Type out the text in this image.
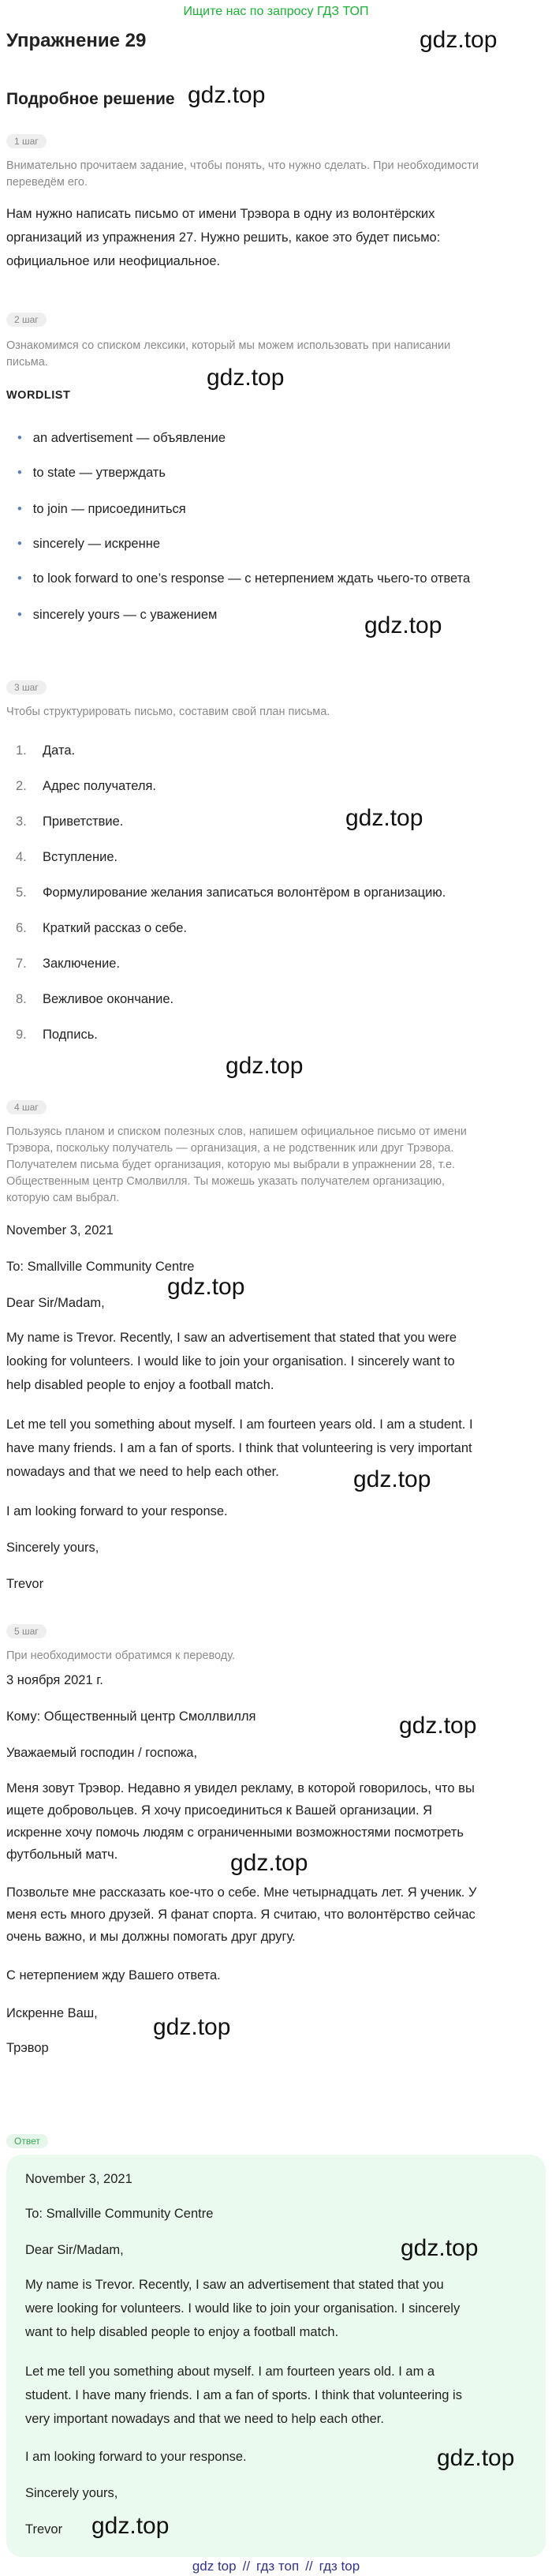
Ищите нас по запросу ГДЗ ТОП
Упражнение 29	gdz.top
Подробное решение gdz.top
1 шаг
Внимательно прочитаем задание, чтобы понять, что нужно сделать. При необходимости
переведём его.
Нам нужно написать письмо от имени Трэвора в одну из волонтёрских
организаций из упражнения 27. Нужно решить, какое это будет письмо:
официальное или неофициальное.
2 шаг
Ознакомимся со списком лексики, который мы можем использовать при написании
письма.
gdz.top
WORDLIST
• an advertisement — объявление
• to state — утверждать
• to join — присоединиться
• sincerely — искренне
• to look forward to one’s response — с нетерпением ждать чьего-то ответа
• sincerely yours — с уважением	gdz.top
3 шаг
Чтобы структурировать письмо, составим свой план письма.
1. Дата.
2. Адрес получателя.
3. Приветствие.	gdz.top
4. Вступление.
5. Формулирование желания записаться волонтёром в организацию.
6. Краткий рассказ о себе.
7. Заключение.
8. Вежливое окончание.
9. Подпись.
gdz.top
4 шаг
Пользуясь планом и списком полезных слов, напишем официальное письмо от имени
Трэвора, поскольку получатель — организация, а не родственник или друг Трэвора.
Получателем письма будет организация, которую мы выбрали в упражнении 28, т.е.
Общественным центр Смолвилля. Ты можешь указать получателем организацию,
которую сам выбрал.
November 3, 2021
To: Smallville Community Centre
gdz.top
Dear Sir/Madam,
My name is Trevor. Recently, I saw an advertisement that stated that you were
looking for volunteers. I would like to join your organisation. I sincerely want to
help disabled people to enjoy a football match.
Let me tell you something about myself. I am fourteen years old. I am a student. I
have many friends. I am a fan of sports. I think that volunteering is very important
nowadays and that we need to help each other.	gdz.top
I am looking forward to your response.
Sincerely yours,
Trevor
5 шаг
При необходимости обратимся к переводу.
3 ноября 2021 г.
Кому: Общественный центр Смоллвилля	gdz.top
Уважаемый господин / госпожа,
Меня зовут Трэвор. Недавно я увидел рекламу, в которой говорилось, что вы
ищете добровольцев. Я хочу присоединиться к Вашей организации. Я
искренне хочу помочь людям с ограниченными возможностями посмотреть
футбольный матч.	gdz.top
Позвольте мне рассказать кое-что о себе. Мне четырнадцать лет. Я ученик. У
меня есть много друзей. Я фанат спорта. Я считаю, что волонтёрство сейчас
очень важно, и мы должны помогать друг другу.
С нетерпением жду Вашего ответа.
Искренне Ваш,
gdz.top
Трэвор
Ответ
November 3, 2021
To: Smallville Community Centre
Dear Sir/Madam,	gdz.top
My name is Trevor. Recently, I saw an advertisement that stated that you
were looking for volunteers. I would like to join your organisation. I sincerely
want to help disabled people to enjoy a football match.
Let me tell you something about myself. I am fourteen years old. I am a
student. I have many friends. I am a fan of sports. I think that volunteering is
very important nowadays and that we need to help each other.
I am looking forward to your response.	gdz.top
Sincerely yours,
gdz.top
Trevor
gdz top // гдз топ // гдз top
